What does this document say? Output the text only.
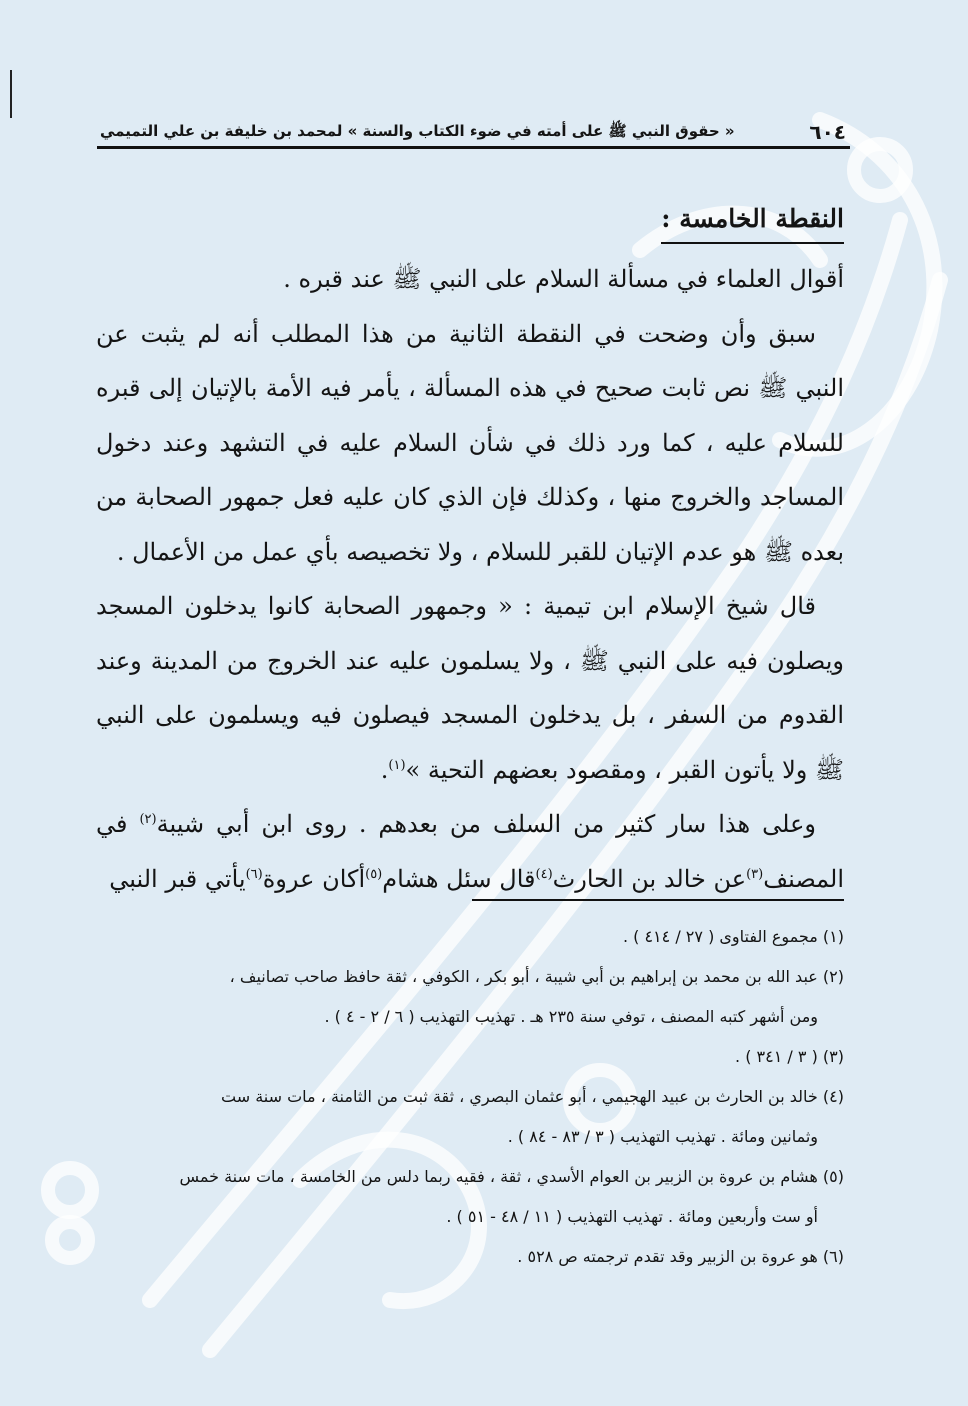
٦٠٤
« حقوق النبي ﷺ على أمته في ضوء الكتاب والسنة » لمحمد بن خليفة بن علي التميمي
النقطة الخامسة :

أقوال العلماء في مسألة السلام على النبي ﷺ عند قبره .

سبق وأن وضحت في النقطة الثانية من هذا المطلب أنه لم يثبت عن النبي ﷺ نص ثابت صحيح في هذه المسألة ، يأمر فيه الأمة بالإتيان إلى قبره للسلام عليه ، كما ورد ذلك في شأن السلام عليه في التشهد وعند دخول المساجد والخروج منها ، وكذلك فإن الذي كان عليه فعل جمهور الصحابة من بعده ﷺ هو عدم الإتيان للقبر للسلام ، ولا تخصيصه بأي عمل من الأعمال .

قال شيخ الإسلام ابن تيمية : « وجمهور الصحابة كانوا يدخلون المسجد ويصلون فيه على النبي ﷺ ، ولا يسلمون عليه عند الخروج من المدينة وعند القدوم من السفر ، بل يدخلون المسجد فيصلون فيه ويسلمون على النبي ﷺ ولا يأتون القبر ، ومقصود بعضهم التحية »$^{(١)}$.

وعلى هذا سار كثير من السلف من بعدهم . روى ابن أبي شيبة$^{(٢)}$ في المصنف$^{(٣)}$عن خالد بن الحارث$^{(٤)}$قال سئل هشام$^{(٥)}$أكان عروة$^{(٦)}$يأتي قبر النبي

(١) مجموع الفتاوى ( ٢٧ / ٤١٤ ) .

(٢) عبد الله بن محمد بن إبراهيم بن أبي شيبة ، أبو بكر ، الكوفي ، ثقة حافظ صاحب تصانيف ،

ومن أشهر كتبه المصنف ، توفي سنة ٢٣٥ هـ . تهذيب التهذيب ( ٦ / ٢ - ٤ ) .

(٣) ( ٣ / ٣٤١ ) .

(٤) خالد بن الحارث بن عبيد الهجيمي ، أبو عثمان البصري ، ثقة ثبت من الثامنة ، مات سنة ست

وثمانين ومائة . تهذيب التهذيب ( ٣ / ٨٣ - ٨٤ ) .

(٥) هشام بن عروة بن الزبير بن العوام الأسدي ، ثقة ، فقيه ربما دلس من الخامسة ، مات سنة خمس

أو ست وأربعين ومائة . تهذيب التهذيب ( ١١ / ٤٨ - ٥١ ) .

(٦) هو عروة بن الزبير وقد تقدم ترجمته ص ٥٢٨ .
